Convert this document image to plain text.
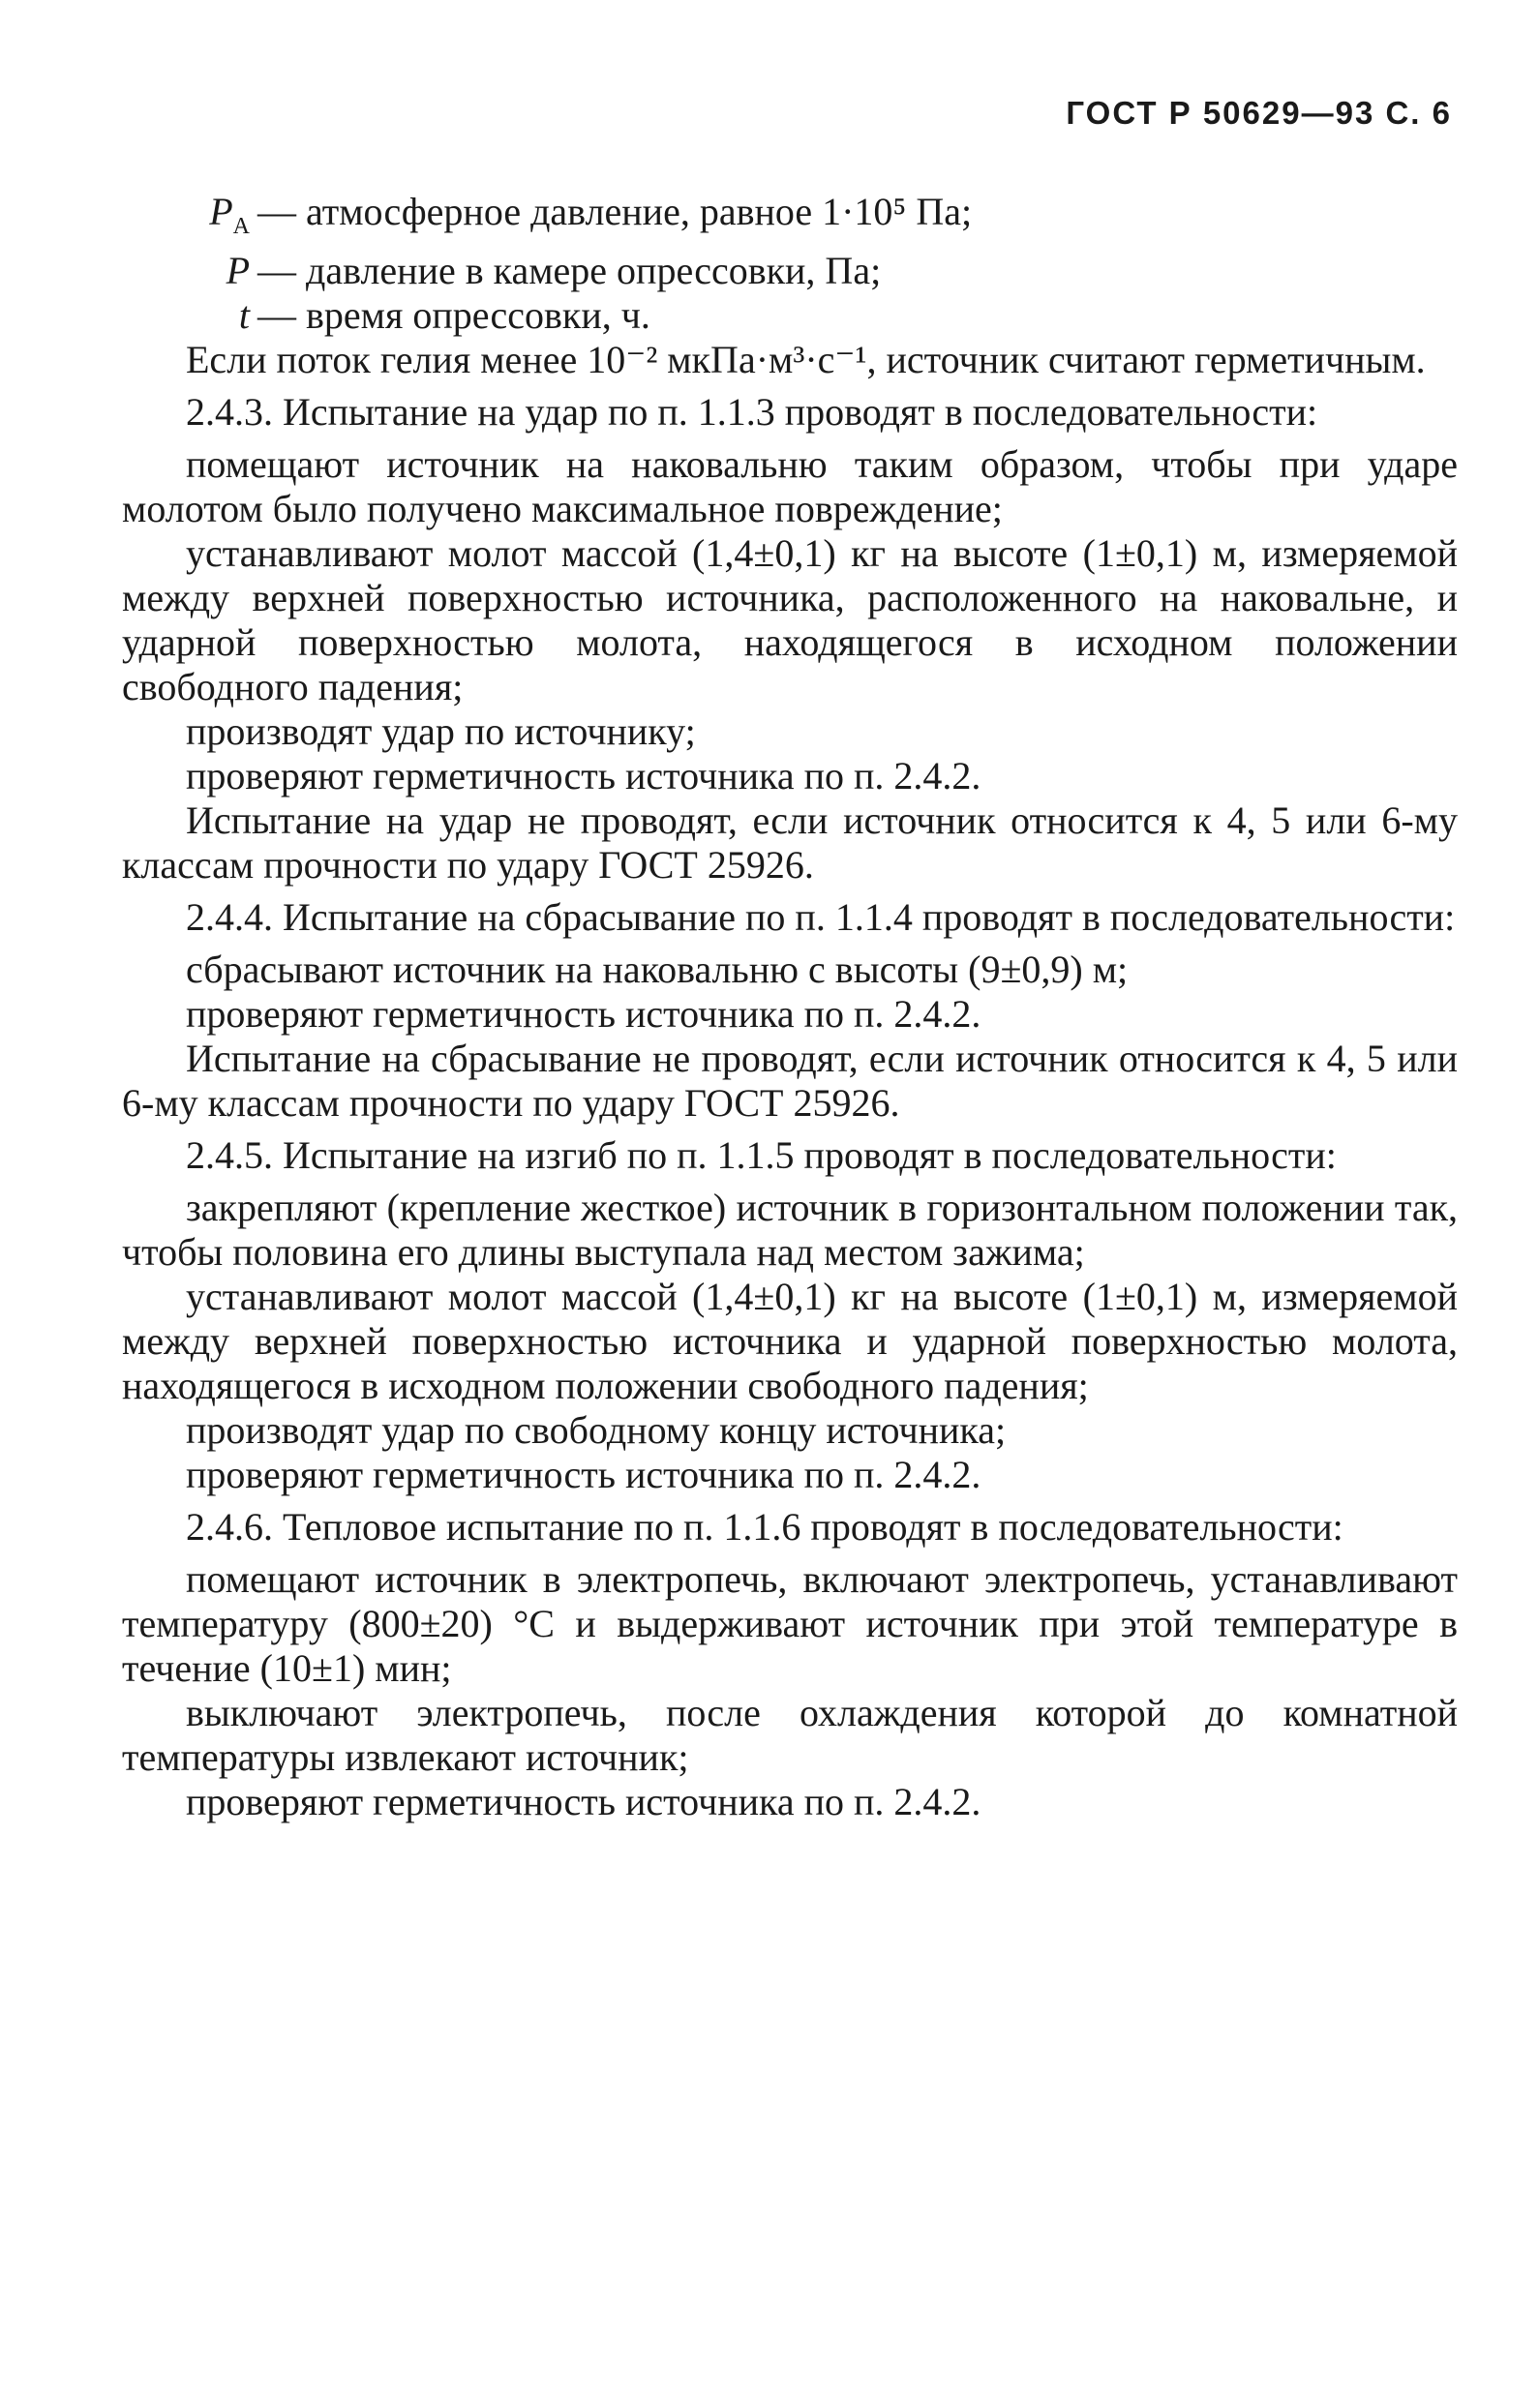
ГОСТ Р 50629—93 С. 6
$Р_А$ — атмосферное давление, равное 1·10⁵ Па;
Р — давление в камере опрессовки, Па;
t — время опрессовки, ч.

Если поток гелия менее 10⁻² мкПа·м³·с⁻¹, источник считают герметичным.

2.4.3. Испытание на удар по п. 1.1.3 проводят в последовательности:

помещают источник на наковальню таким образом, чтобы при ударе молотом было получено максимальное повреждение;

устанавливают молот массой (1,4±0,1) кг на высоте (1±0,1) м, измеряемой между верхней поверхностью источника, расположенного на наковальне, и ударной поверхностью молота, находящегося в исходном положении свободного падения;

производят удар по источнику;

проверяют герметичность источника по п. 2.4.2.

Испытание на удар не проводят, если источник относится к 4, 5 или 6-му классам прочности по удару ГОСТ 25926.

2.4.4. Испытание на сбрасывание по п. 1.1.4 проводят в последовательности:

сбрасывают источник на наковальню с высоты (9±0,9) м;

проверяют герметичность источника по п. 2.4.2.

Испытание на сбрасывание не проводят, если источник относится к 4, 5 или 6-му классам прочности по удару ГОСТ 25926.

2.4.5. Испытание на изгиб по п. 1.1.5 проводят в последовательности:

закрепляют (крепление жесткое) источник в горизонтальном положении так, чтобы половина его длины выступала над местом зажима;

устанавливают молот массой (1,4±0,1) кг на высоте (1±0,1) м, измеряемой между верхней поверхностью источника и ударной поверхностью молота, находящегося в исходном положении свободного падения;

производят удар по свободному концу источника;

проверяют герметичность источника по п. 2.4.2.

2.4.6. Тепловое испытание по п. 1.1.6 проводят в последовательности:

помещают источник в электропечь, включают электропечь, устанавливают температуру (800±20) °С и выдерживают источник при этой температуре в течение (10±1) мин;

выключают электропечь, после охлаждения которой до комнатной температуры извлекают источник;

проверяют герметичность источника по п. 2.4.2.
